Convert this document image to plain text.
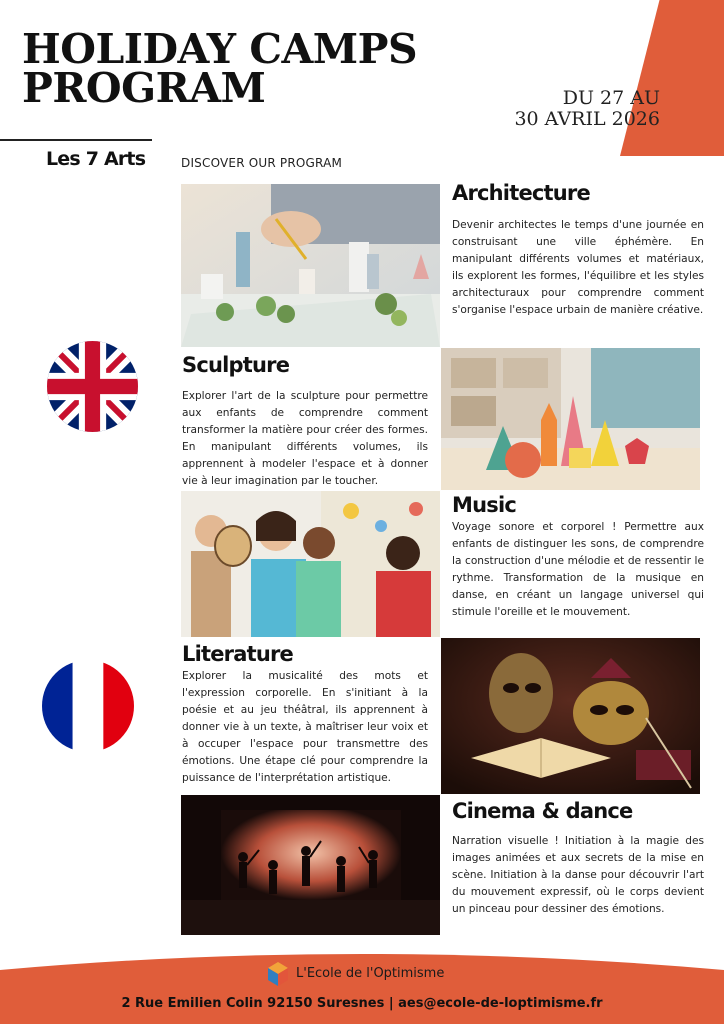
HOLIDAY CAMPS
PROGRAM	DU 27 AU
30 AVRIL 2026
Les 7 Arts	DISCOVER OUR PROGRAM
Architecture
Devenir architectes le temps d'une journée en construisant une ville éphémère. En manipulant différents volumes et matériaux, ils explorent les formes, l'équilibre et les styles architecturaux pour comprendre comment s'organise l'espace urbain de manière créative.
Sculpture
Explorer l'art de la sculpture pour permettre aux enfants de comprendre comment transformer la matière pour créer des formes. En manipulant différents volumes, ils apprennent à modeler l'espace et à donner vie à leur imagination par le toucher.
Music
Voyage sonore et corporel ! Permettre aux enfants de distinguer les sons, de comprendre la construction d'une mélodie et de ressentir le rythme. Transformation de la musique en danse, en créant un langage universel qui stimule l'oreille et le mouvement.
Literature
Explorer la musicalité des mots et l'expression corporelle. En s'initiant à la poésie et au jeu théâtral, ils apprennent à donner vie à un texte, à maîtriser leur voix et à occuper l'espace pour transmettre des émotions. Une étape clé pour comprendre la puissance de l'interprétation artistique.
Cinema & dance
Narration visuelle ! Initiation à la magie des images animées et aux secrets de la mise en scène. Initiation à la danse pour découvrir l'art du mouvement expressif, où le corps devient un pinceau pour dessiner des émotions.
L'Ecole de l'Optimisme
2 Rue Emilien Colin 92150 Suresnes | aes@ecole-de-loptimisme.fr
